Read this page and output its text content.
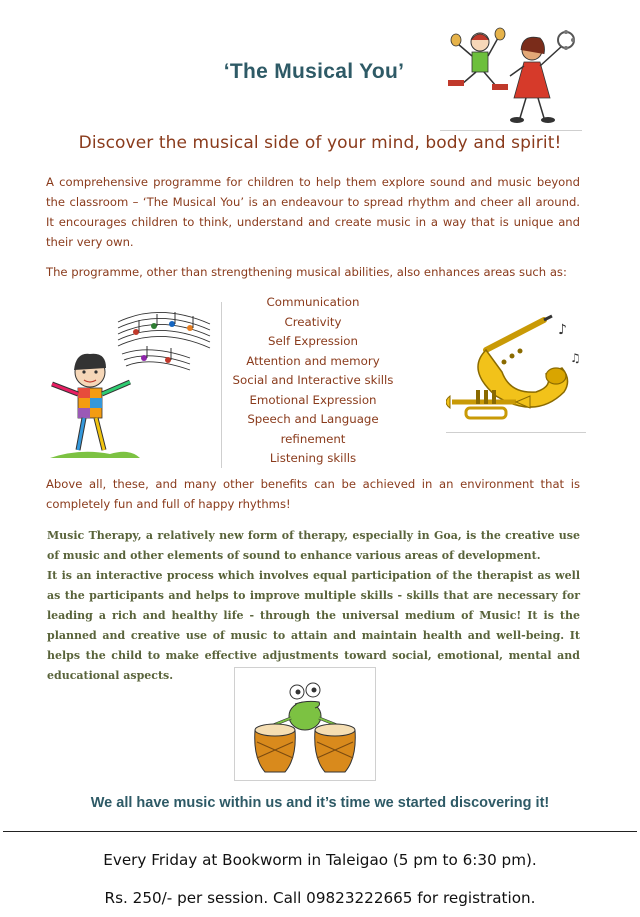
‘The Musical You’
Discover the musical side of your mind, body and spirit!
A comprehensive programme for children to help them explore sound and music beyond the classroom – ‘The Musical You’ is an endeavour to spread rhythm and cheer all around. It encourages children to think, understand and create music in a way that is unique and their very own.
The programme, other than strengthening musical abilities, also enhances areas such as:
Communication
Creativity
Self Expression
Attention and memory
Social and Interactive skills
Emotional Expression
Speech and Language refinement
Listening skills
♪
♫
Above all, these, and many other benefits can be achieved in an environment that is completely fun and full of happy rhythms!

Music Therapy, a relatively new form of therapy, especially in Goa, is the creative use of music and other elements of sound to enhance various areas of development.

It is an interactive process which involves equal participation of the therapist as well as the participants and helps to improve multiple skills - skills that are necessary for leading a rich and healthy life - through the universal medium of Music! It is the planned and creative use of music to attain and maintain health and well-being. It helps the child to make effective adjustments toward social, emotional, mental and educational aspects.

We all have music within us and it’s time we started discovering it!
Every Friday at Bookworm in Taleigao (5 pm to 6:30 pm).
Rs. 250/- per session. Call 09823222665 for registration.
